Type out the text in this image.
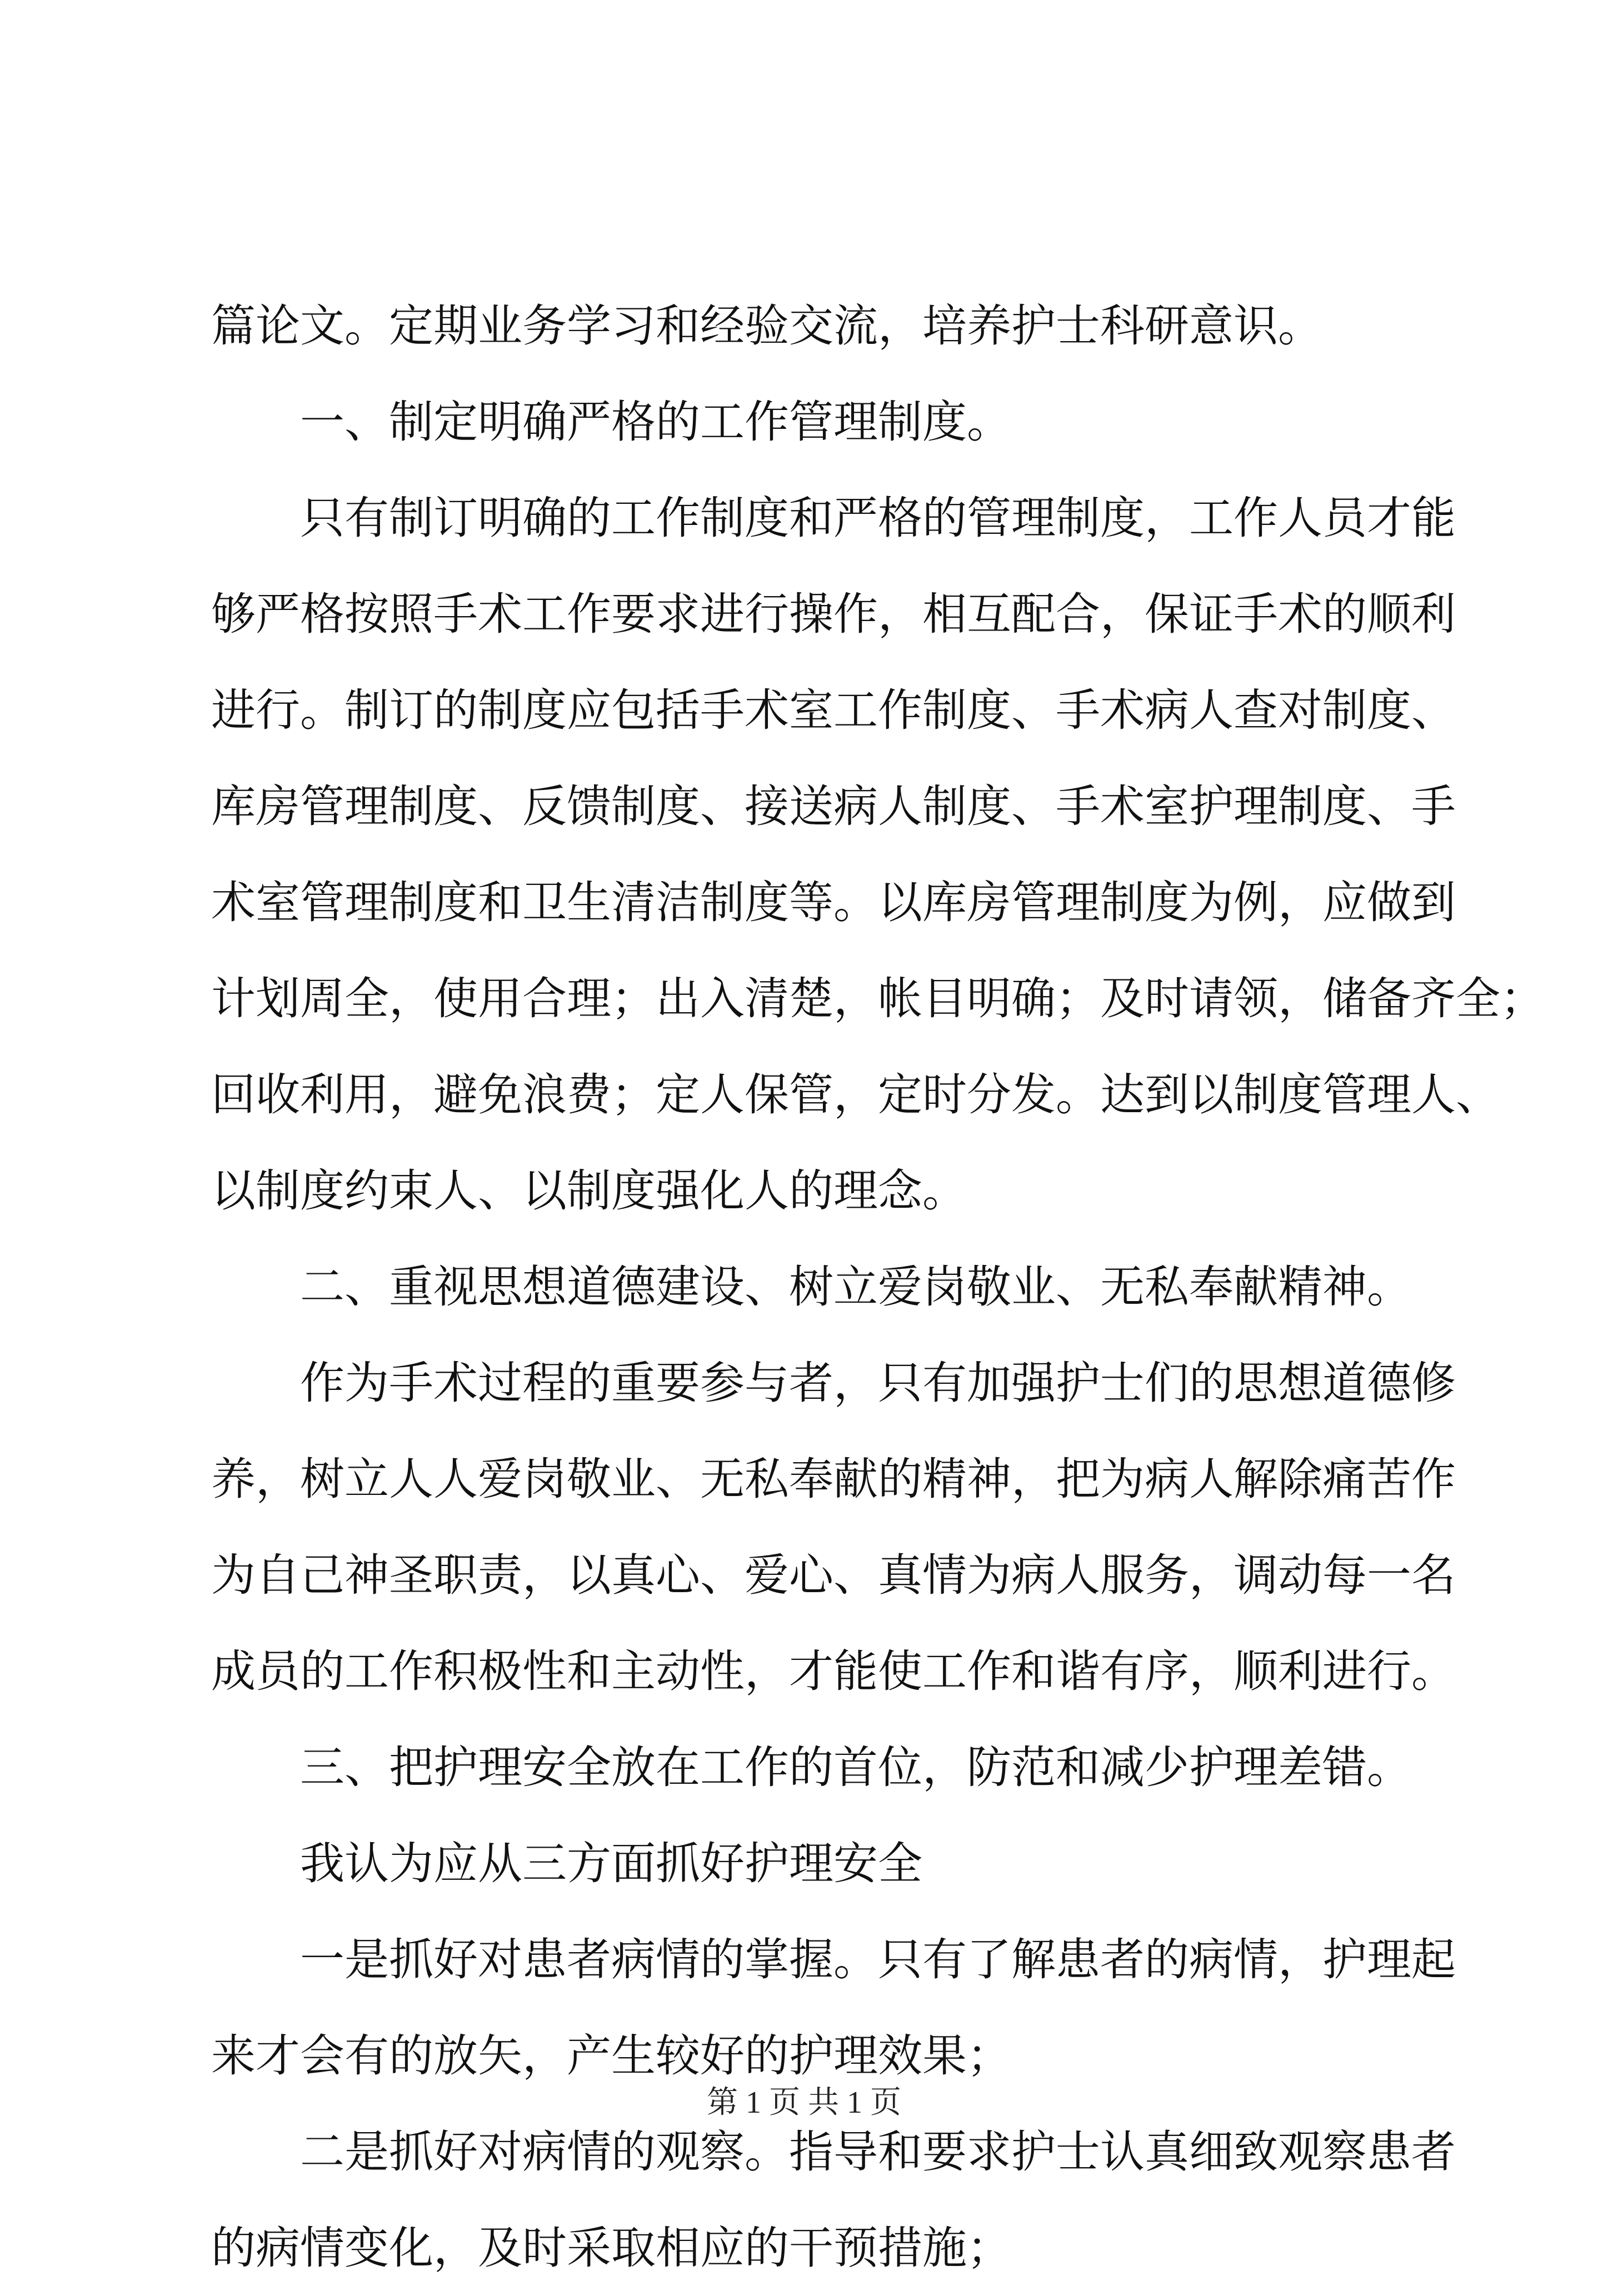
篇论文。定期业务学习和经验交流，培养护士科研意识。
一、制定明确严格的工作管理制度。
只有制订明确的工作制度和严格的管理制度，工作人员才能
够严格按照手术工作要求进行操作，相互配合，保证手术的顺利
进行。制订的制度应包括手术室工作制度、手术病人查对制度、
库房管理制度、反馈制度、接送病人制度、手术室护理制度、手
术室管理制度和卫生清洁制度等。以库房管理制度为例，应做到
计划周全，使用合理；出入清楚，帐目明确；及时请领，储备齐全；
回收利用，避免浪费；定人保管，定时分发。达到以制度管理人、
以制度约束人、以制度强化人的理念。
二、重视思想道德建设、树立爱岗敬业、无私奉献精神。
作为手术过程的重要参与者，只有加强护士们的思想道德修
养，树立人人爱岗敬业、无私奉献的精神，把为病人解除痛苦作
为自己神圣职责，以真心、爱心、真情为病人服务，调动每一名
成员的工作积极性和主动性，才能使工作和谐有序，顺利进行。
三、把护理安全放在工作的首位，防范和减少护理差错。
我认为应从三方面抓好护理安全
一是抓好对患者病情的掌握。只有了解患者的病情，护理起
来才会有的放矢，产生较好的护理效果；
二是抓好对病情的观察。指导和要求护士认真细致观察患者
的病情变化，及时采取相应的干预措施；
第 1 页 共 1 页
